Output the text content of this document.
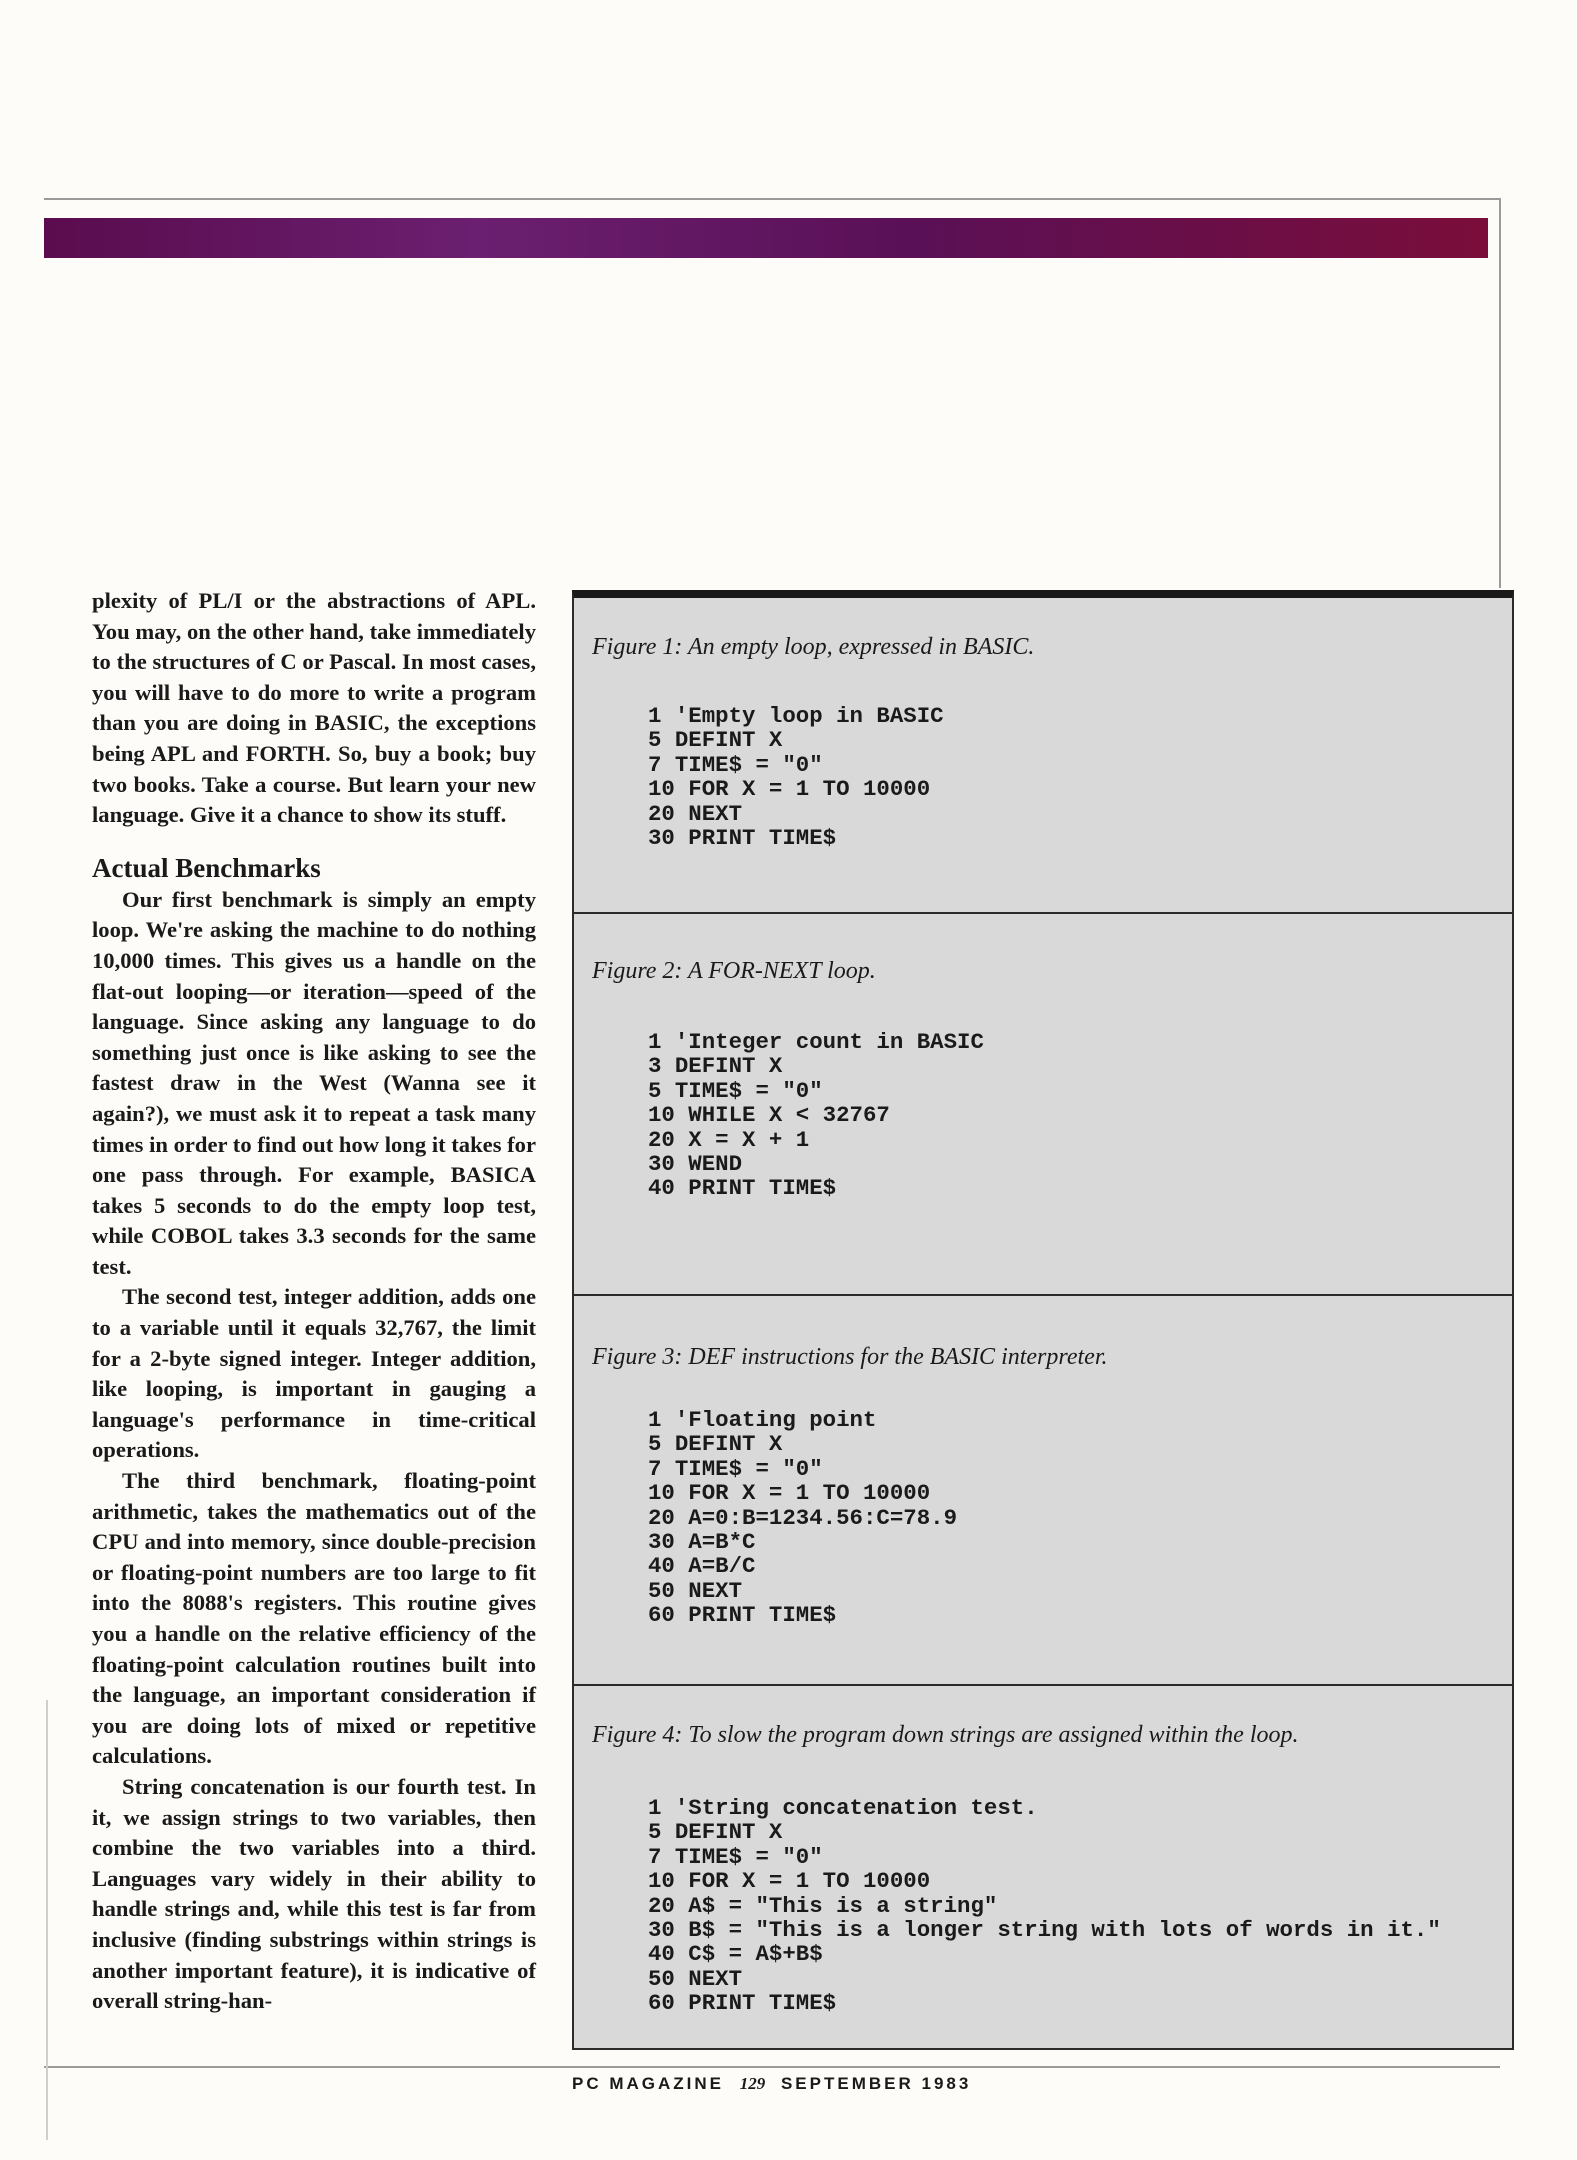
plexity of PL/I or the abstractions of APL. You may, on the other hand, take immediately to the structures of C or Pascal. In most cases, you will have to do more to write a program than you are doing in BASIC, the exceptions being APL and FORTH. So, buy a book; buy two books. Take a course. But learn your new language. Give it a chance to show its stuff.

Actual Benchmarks

Our first benchmark is simply an empty loop. We're asking the machine to do nothing 10,000 times. This gives us a handle on the flat-out looping—or iteration—speed of the language. Since asking any language to do something just once is like asking to see the fastest draw in the West (Wanna see it again?), we must ask it to repeat a task many times in order to find out how long it takes for one pass through. For example, BASICA takes 5 seconds to do the empty loop test, while COBOL takes 3.3 seconds for the same test.

The second test, integer addition, adds one to a variable until it equals 32,767, the limit for a 2-byte signed integer. Integer addition, like looping, is important in gauging a language's performance in time-critical operations.

The third benchmark, floating-point arithmetic, takes the mathematics out of the CPU and into memory, since double-precision or floating-point numbers are too large to fit into the 8088's registers. This routine gives you a handle on the relative efficiency of the floating-point calculation routines built into the language, an important consideration if you are doing lots of mixed or repetitive calculations.

String concatenation is our fourth test. In it, we assign strings to two variables, then combine the two variables into a third. Languages vary widely in their ability to handle strings and, while this test is far from inclusive (finding substrings within strings is another important feature), it is indicative of overall string-han-

Figure 1: An empty loop, expressed in BASIC.
1 'Empty loop in BASIC
5 DEFINT X
7 TIME$ = "0"
10 FOR X = 1 TO 10000
20 NEXT
30 PRINT TIME$
Figure 2: A FOR-NEXT loop.
1 'Integer count in BASIC
3 DEFINT X
5 TIME$ = "0"
10 WHILE X < 32767
20 X = X + 1
30 WEND
40 PRINT TIME$
Figure 3: DEF instructions for the BASIC interpreter.
1 'Floating point
5 DEFINT X
7 TIME$ = "0"
10 FOR X = 1 TO 10000
20 A=0:B=1234.56:C=78.9
30 A=B*C
40 A=B/C
50 NEXT
60 PRINT TIME$
Figure 4: To slow the program down strings are assigned within the loop.
1 'String concatenation test.
5 DEFINT X
7 TIME$ = "0"
10 FOR X = 1 TO 10000
20 A$ = "This is a string"
30 B$ = "This is a longer string with lots of words in it."
40 C$ = A$+B$
50 NEXT
60 PRINT TIME$
PC MAGAZINE 129 SEPTEMBER 1983
